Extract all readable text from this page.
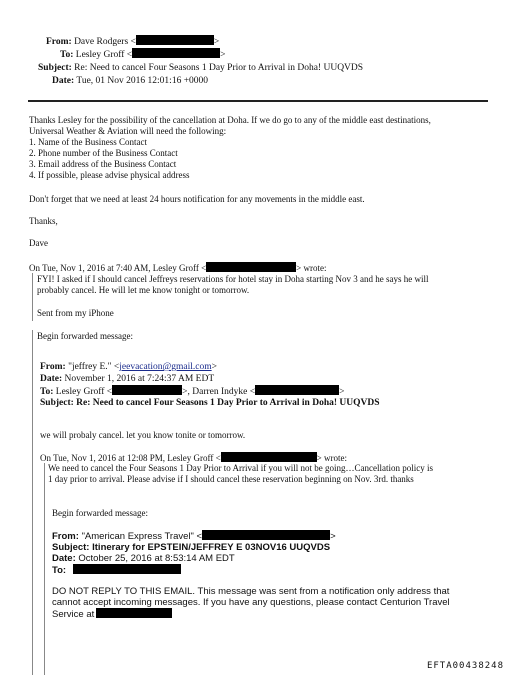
From: Dave Rodgers <	>
To: Lesley Groff <	>
Subject: Re: Need to cancel Four Seasons 1 Day Prior to Arrival in Doha! UUQVDS
Date: Tue, 01 Nov 2016 12:01:16 +0000
Thanks Lesley for the possibility of the cancellation at Doha. If we do go to any of the middle east destinations,
Universal Weather & Aviation will need the following:
1. Name of the Business Contact
2. Phone number of the Business Contact
3. Email address of the Business Contact
4. If possible, please advise physical address
Don't forget that we need at least 24 hours notification for any movements in the middle east.
Thanks,
Dave
On Tue, Nov 1, 2016 at 7:40 AM, Lesley Groff <	> wrote:
FYI! I asked if I should cancel Jeffreys reservations for hotel stay in Doha starting Nov 3 and he says he will
probably cancel. He will let me know tonight or tomorrow.
Sent from my iPhone
Begin forwarded message:
From: "jeffrey E." <jeevacation@gmail.com>
Date: November 1, 2016 at 7:24:37 AM EDT
To: Lesley Groff <	>, Darren Indyke <	>
Subject: Re: Need to cancel Four Seasons 1 Day Prior to Arrival in Doha! UUQVDS
we will probaly cancel. let you know tonite or tomorrow.
On Tue, Nov 1, 2016 at 12:08 PM, Lesley Groff <	> wrote:
We need to cancel the Four Seasons 1 Day Prior to Arrival if you will not be going…Cancellation policy is
1 day prior to arrival. Please advise if I should cancel these reservation beginning on Nov. 3rd. thanks
Begin forwarded message:
From: "American Express Travel" <	>
Subject: Itinerary for EPSTEIN/JEFFREY E 03NOV16 UUQVDS
Date: October 25, 2016 at 8:53:14 AM EDT
To:
DO NOT REPLY TO THIS EMAIL. This message was sent from a notification only address that
cannot accept incoming messages. If you have any questions, please contact Centurion Travel
Service at
EFTA00438248
